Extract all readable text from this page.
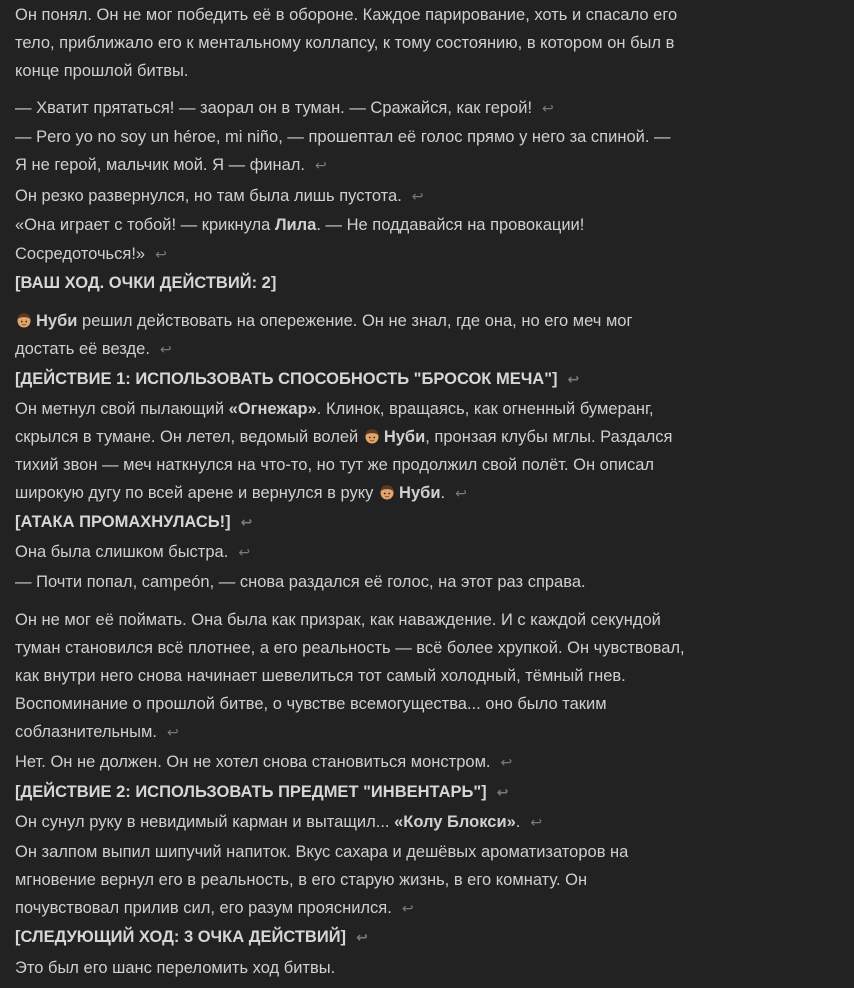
Он понял. Он не мог победить её в обороне. Каждое парирование, хоть и спасало его
тело, приближало его к ментальному коллапсу, к тому состоянию, в котором он был в
конце прошлой битвы.
— Хватит прятаться! — заорал он в туман. — Сражайся, как герой! ↩
— Pero yo no soy un héroe, mi niño, — прошептал её голос прямо у него за спиной. —
Я не герой, мальчик мой. Я — финал. ↩
Он резко развернулся, но там была лишь пустота. ↩
«Она играет с тобой! — крикнула Лила. — Не поддавайся на провокации!
Сосредоточься!» ↩
[ВАШ ХОД. ОЧКИ ДЕЙСТВИЙ: 2]
Нуби решил действовать на опережение. Он не знал, где она, но его меч мог
достать её везде. ↩
[ДЕЙСТВИЕ 1: ИСПОЛЬЗОВАТЬ СПОСОБНОСТЬ "БРОСОК МЕЧА"] ↩
Он метнул свой пылающий «Огнежар». Клинок, вращаясь, как огненный бумеранг,
скрылся в тумане. Он летел, ведомый волей Нуби, пронзая клубы мглы. Раздался
тихий звон — меч наткнулся на что-то, но тут же продолжил свой полёт. Он описал
широкую дугу по всей арене и вернулся в руку Нуби. ↩
[АТАКА ПРОМАХНУЛАСЬ!] ↩
Она была слишком быстра. ↩
— Почти попал, campeón, — снова раздался её голос, на этот раз справа.
Он не мог её поймать. Она была как призрак, как наваждение. И с каждой секундой
туман становился всё плотнее, а его реальность — всё более хрупкой. Он чувствовал,
как внутри него снова начинает шевелиться тот самый холодный, тёмный гнев.
Воспоминание о прошлой битве, о чувстве всемогущества... оно было таким
соблазнительным. ↩
Нет. Он не должен. Он не хотел снова становиться монстром. ↩
[ДЕЙСТВИЕ 2: ИСПОЛЬЗОВАТЬ ПРЕДМЕТ "ИНВЕНТАРЬ"] ↩
Он сунул руку в невидимый карман и вытащил... «Колу Блокси». ↩
Он залпом выпил шипучий напиток. Вкус сахара и дешёвых ароматизаторов на
мгновение вернул его в реальность, в его старую жизнь, в его комнату. Он
почувствовал прилив сил, его разум прояснился. ↩
[СЛЕДУЮЩИЙ ХОД: 3 ОЧКА ДЕЙСТВИЙ] ↩
Это был его шанс переломить ход битвы.
